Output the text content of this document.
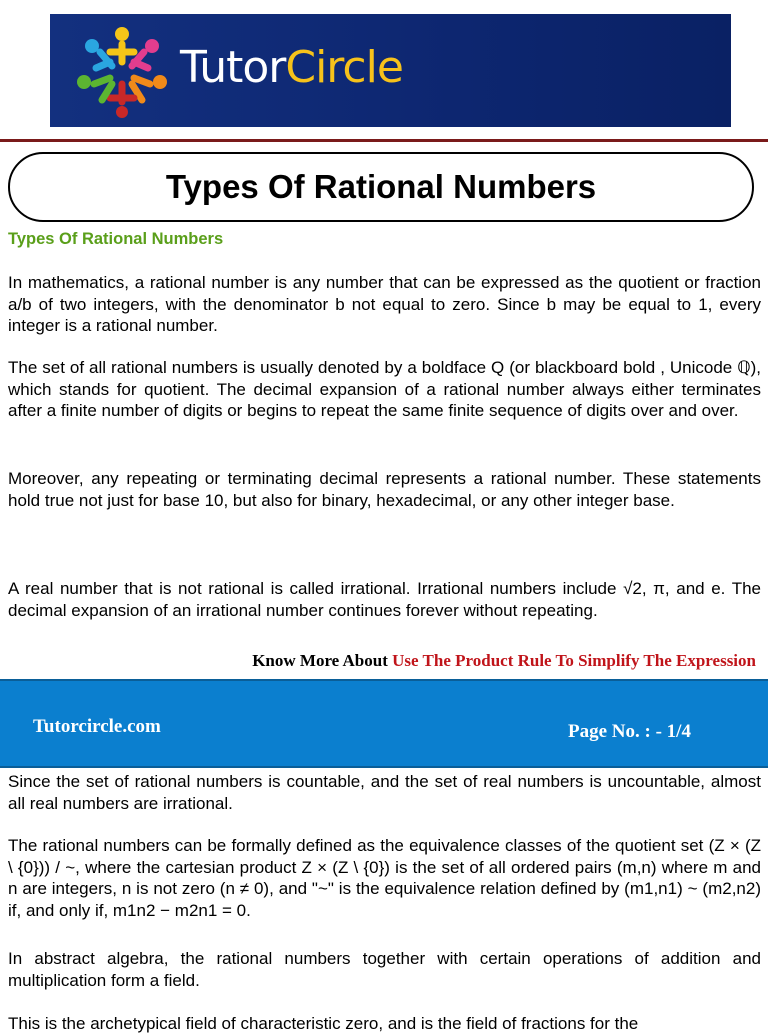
TutorCircle
Types Of Rational Numbers
Types Of Rational Numbers

In mathematics, a rational number is any number that can be expressed as the quotient or fraction a/b of two integers, with the denominator b not equal to zero. Since b may be equal to 1, every integer is a rational number.

The set of all rational numbers is usually denoted by a boldface Q (or blackboard bold , Unicode ℚ), which stands for quotient. The decimal expansion of a rational number always either terminates after a finite number of digits or begins to repeat the same finite sequence of digits over and over.

Moreover, any repeating or terminating decimal represents a rational number. These statements hold true not just for base 10, but also for binary, hexadecimal, or any other integer base.

A real number that is not rational is called irrational. Irrational numbers include √2, π, and e. The decimal expansion of an irrational number continues forever without repeating.

Know More About Use The Product Rule To Simplify The Expression
Tutorcircle.com	Page No. : - 1/4

Since the set of rational numbers is countable, and the set of real numbers is uncountable, almost all real numbers are irrational.

The rational numbers can be formally defined as the equivalence classes of the quotient set (Z × (Z \ {0})) / ~, where the cartesian product Z × (Z \ {0}) is the set of all ordered pairs (m,n) where m and n are integers, n is not zero (n ≠ 0), and "~" is the equivalence relation defined by (m1,n1) ~ (m2,n2) if, and only if, m1n2 − m2n1 = 0.

In abstract algebra, the rational numbers together with certain operations of addition and multiplication form a field.

This is the archetypical field of characteristic zero, and is the field of fractions for the
